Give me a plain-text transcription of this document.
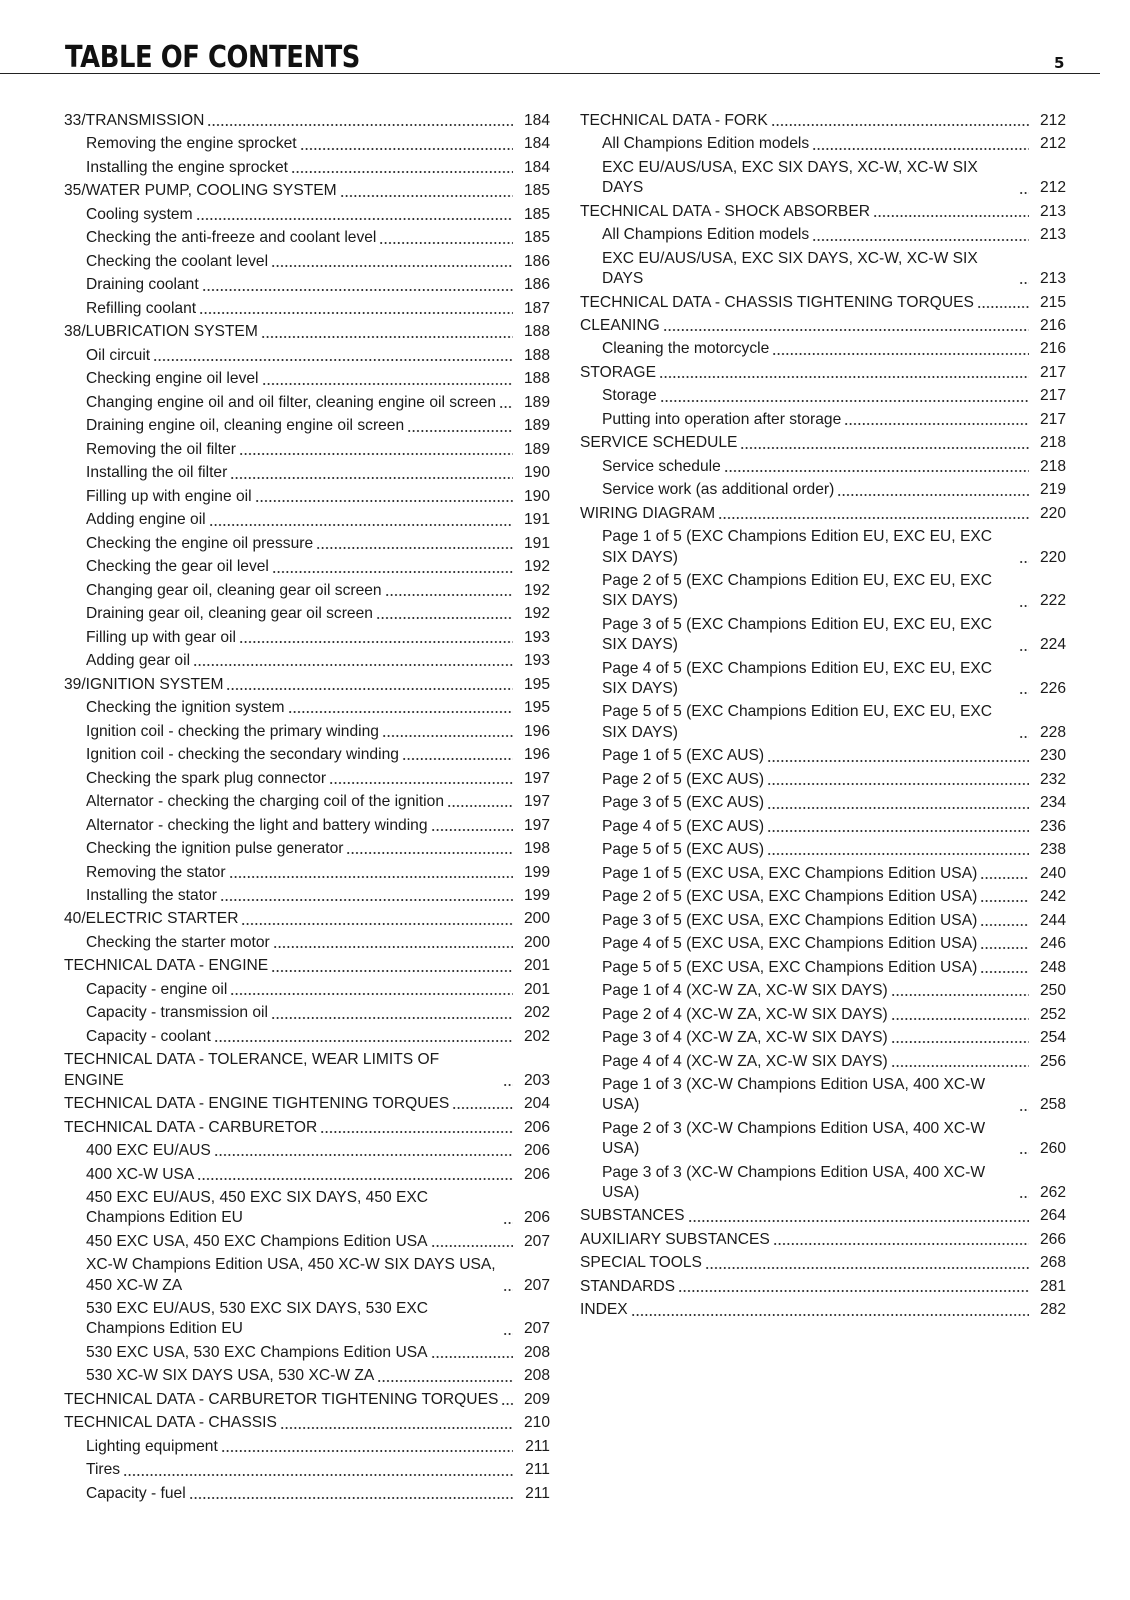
TABLE OF CONTENTS	5
33/TRANSMISSION	184
Removing the engine sprocket	184
Installing the engine sprocket	184
35/WATER PUMP, COOLING SYSTEM	185
Cooling system	185
Checking the anti-freeze and coolant level	185
Checking the coolant level	186
Draining coolant	186
Refilling coolant	187
38/LUBRICATION SYSTEM	188
Oil circuit	188
Checking engine oil level	188
Changing engine oil and oil filter, cleaning engine oil screen	189
Draining engine oil, cleaning engine oil screen	189
Removing the oil filter	189
Installing the oil filter	190
Filling up with engine oil	190
Adding engine oil	191
Checking the engine oil pressure	191
Checking the gear oil level	192
Changing gear oil, cleaning gear oil screen	192
Draining gear oil, cleaning gear oil screen	192
Filling up with gear oil	193
Adding gear oil	193
39/IGNITION SYSTEM	195
Checking the ignition system	195
Ignition coil - checking the primary winding	196
Ignition coil - checking the secondary winding	196
Checking the spark plug connector	197
Alternator - checking the charging coil of the ignition	197
Alternator - checking the light and battery winding	197
Checking the ignition pulse generator	198
Removing the stator	199
Installing the stator	199
40/ELECTRIC STARTER	200
Checking the starter motor	200
TECHNICAL DATA - ENGINE	201
Capacity - engine oil	201
Capacity - transmission oil	202
Capacity - coolant	202
TECHNICAL DATA - TOLERANCE, WEAR LIMITS OF ENGINE	203
TECHNICAL DATA - ENGINE TIGHTENING TORQUES	204
TECHNICAL DATA - CARBURETOR	206
400 EXC EU/AUS	206
400 XC-W USA	206
450 EXC EU/AUS, 450 EXC SIX DAYS, 450 EXC Champions Edition EU	206
450 EXC USA, 450 EXC Champions Edition USA	207
XC-W Champions Edition USA, 450 XC-W SIX DAYS USA, 450 XC-W ZA	207
530 EXC EU/AUS, 530 EXC SIX DAYS, 530 EXC Champions Edition EU	207
530 EXC USA, 530 EXC Champions Edition USA	208
530 XC-W SIX DAYS USA, 530 XC-W ZA	208
TECHNICAL DATA - CARBURETOR TIGHTENING TORQUES	209
TECHNICAL DATA - CHASSIS	210
Lighting equipment	211
Tires	211
Capacity - fuel	211
TECHNICAL DATA - FORK	212
All Champions Edition models	212
EXC EU/AUS/USA, EXC SIX DAYS, XC-W, XC-W SIX DAYS	212
TECHNICAL DATA - SHOCK ABSORBER	213
All Champions Edition models	213
EXC EU/AUS/USA, EXC SIX DAYS, XC-W, XC-W SIX DAYS	213
TECHNICAL DATA - CHASSIS TIGHTENING TORQUES	215
CLEANING	216
Cleaning the motorcycle	216
STORAGE	217
Storage	217
Putting into operation after storage	217
SERVICE SCHEDULE	218
Service schedule	218
Service work (as additional order)	219
WIRING DIAGRAM	220
Page 1 of 5 (EXC Champions Edition EU, EXC EU, EXC SIX DAYS)	220
Page 2 of 5 (EXC Champions Edition EU, EXC EU, EXC SIX DAYS)	222
Page 3 of 5 (EXC Champions Edition EU, EXC EU, EXC SIX DAYS)	224
Page 4 of 5 (EXC Champions Edition EU, EXC EU, EXC SIX DAYS)	226
Page 5 of 5 (EXC Champions Edition EU, EXC EU, EXC SIX DAYS)	228
Page 1 of 5 (EXC AUS)	230
Page 2 of 5 (EXC AUS)	232
Page 3 of 5 (EXC AUS)	234
Page 4 of 5 (EXC AUS)	236
Page 5 of 5 (EXC AUS)	238
Page 1 of 5 (EXC USA, EXC Champions Edition USA)	240
Page 2 of 5 (EXC USA, EXC Champions Edition USA)	242
Page 3 of 5 (EXC USA, EXC Champions Edition USA)	244
Page 4 of 5 (EXC USA, EXC Champions Edition USA)	246
Page 5 of 5 (EXC USA, EXC Champions Edition USA)	248
Page 1 of 4 (XC-W ZA, XC-W SIX DAYS)	250
Page 2 of 4 (XC-W ZA, XC-W SIX DAYS)	252
Page 3 of 4 (XC-W ZA, XC-W SIX DAYS)	254
Page 4 of 4 (XC-W ZA, XC-W SIX DAYS)	256
Page 1 of 3 (XC-W Champions Edition USA, 400 XC-W USA)	258
Page 2 of 3 (XC-W Champions Edition USA, 400 XC-W USA)	260
Page 3 of 3 (XC-W Champions Edition USA, 400 XC-W USA)	262
SUBSTANCES	264
AUXILIARY SUBSTANCES	266
SPECIAL TOOLS	268
STANDARDS	281
INDEX	282
